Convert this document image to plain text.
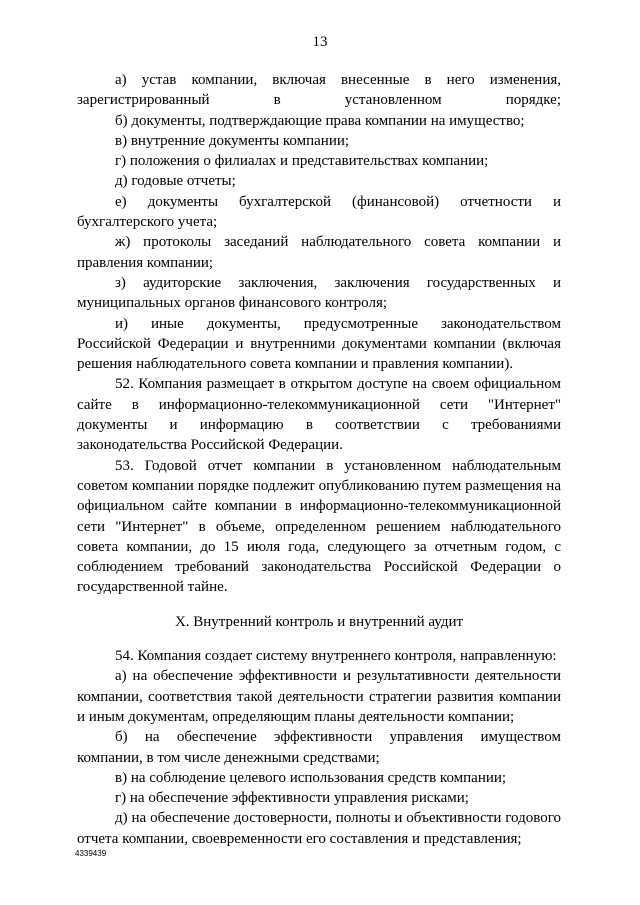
13

а) устав компании, включая внесенные в него изменения, зарегистрированный в установленном порядке;

б) документы, подтверждающие права компании на имущество;

в) внутренние документы компании;

г) положения о филиалах и представительствах компании;

д) годовые отчеты;

е) документы бухгалтерской (финансовой) отчетности и бухгалтерского учета;

ж) протоколы заседаний наблюдательного совета компании и правления компании;

з) аудиторские заключения, заключения государственных и муниципальных органов финансового контроля;

и) иные документы, предусмотренные законодательством Российской Федерации и внутренними документами компании (включая решения наблюдательного совета компании и правления компании).

52. Компания размещает в открытом доступе на своем официальном сайте в информационно-телекоммуникационной сети "Интернет" документы и информацию в соответствии с требованиями законодательства Российской Федерации.

53. Годовой отчет компании в установленном наблюдательным советом компании порядке подлежит опубликованию путем размещения на официальном сайте компании в информационно-телекоммуникационной сети "Интернет" в объеме, определенном решением наблюдательного совета компании, до 15 июля года, следующего за отчетным годом, с соблюдением требований законодательства Российской Федерации о государственной тайне.

X. Внутренний контроль и внутренний аудит

54. Компания создает систему внутреннего контроля, направленную:

а) на обеспечение эффективности и результативности деятельности компании, соответствия такой деятельности стратегии развития компании и иным документам, определяющим планы деятельности компании;

б) на обеспечение эффективности управления имуществом компании, в том числе денежными средствами;

в) на соблюдение целевого использования средств компании;

г) на обеспечение эффективности управления рисками;

д) на обеспечение достоверности, полноты и объективности годового отчета компании, своевременности его составления и представления;

4339439
